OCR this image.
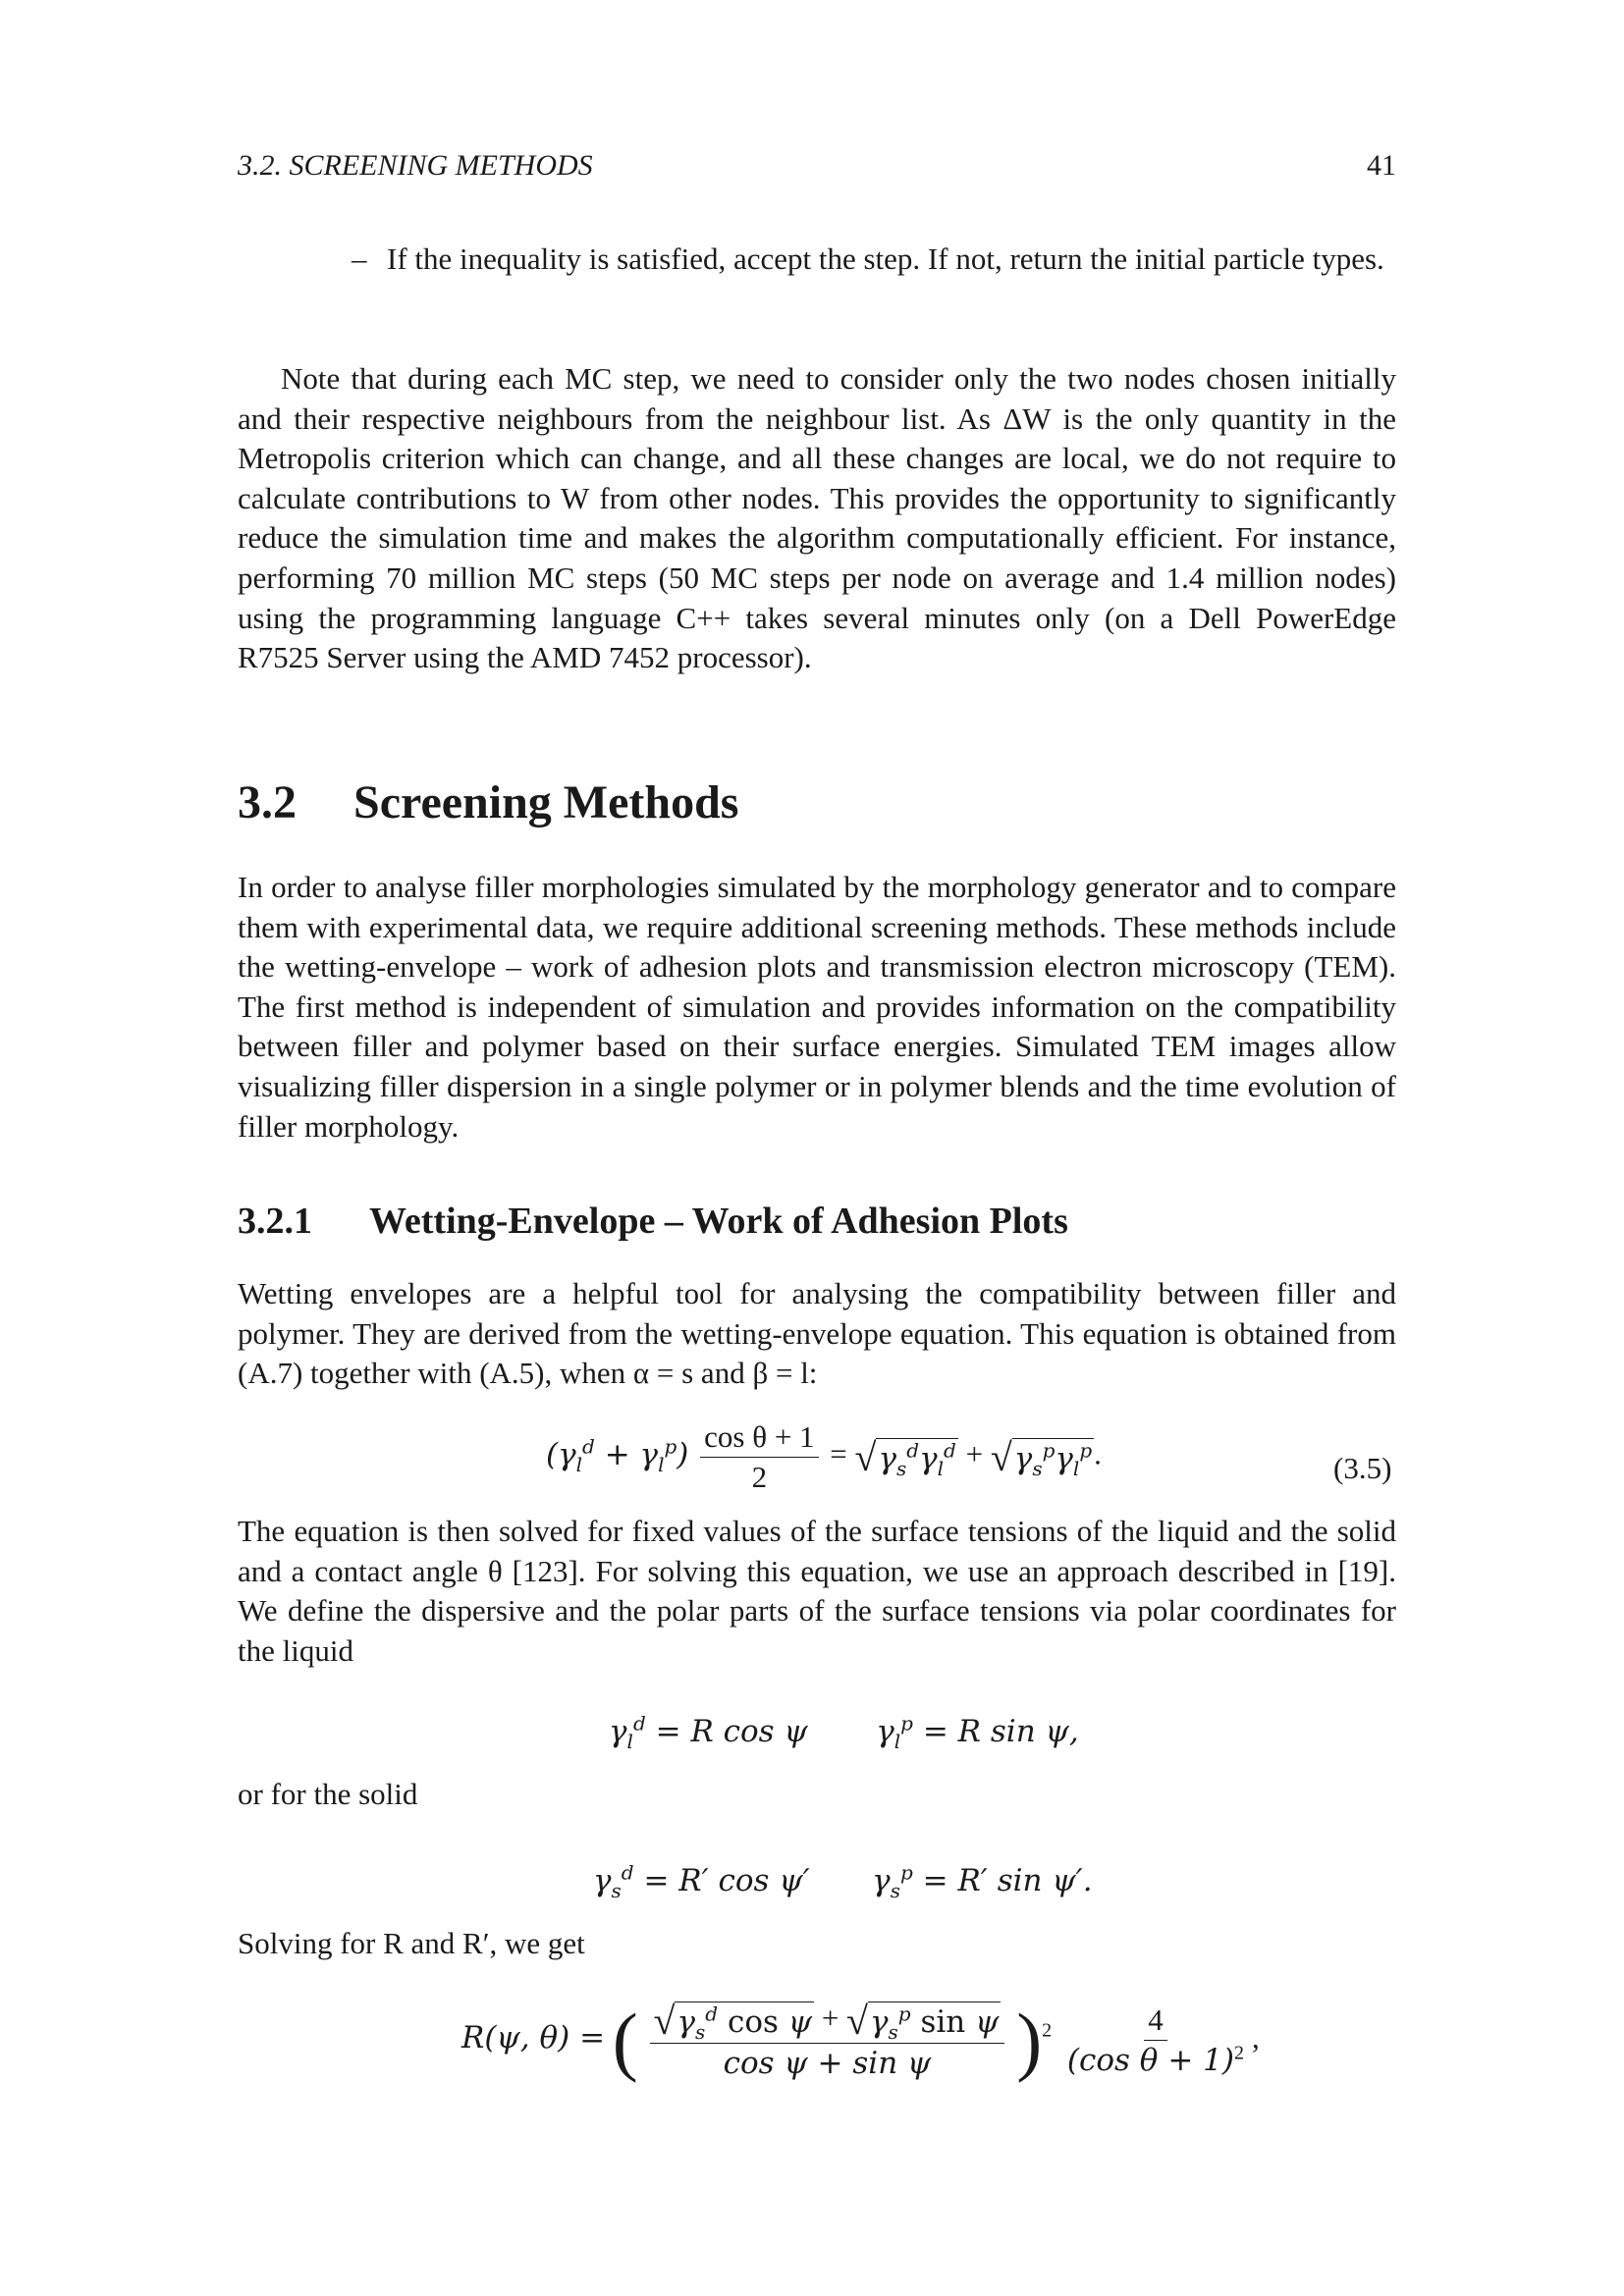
3.2. SCREENING METHODS	41
– If the inequality is satisfied, accept the step. If not, return the initial particle types.

Note that during each MC step, we need to consider only the two nodes chosen initially and their respective neighbours from the neighbour list. As ΔW is the only quantity in the Metropolis criterion which can change, and all these changes are local, we do not require to calculate contributions to W from other nodes. This provides the opportunity to significantly reduce the simulation time and makes the algorithm computationally efficient. For instance, performing 70 million MC steps (50 MC steps per node on average and 1.4 million nodes) using the programming language C++ takes several minutes only (on a Dell PowerEdge R7525 Server using the AMD 7452 processor).

3.2 Screening Methods

In order to analyse filler morphologies simulated by the morphology generator and to compare them with experimental data, we require additional screening methods. These methods include the wetting-envelope – work of adhesion plots and transmission electron microscopy (TEM). The first method is independent of simulation and provides information on the compatibility between filler and polymer based on their surface energies. Simulated TEM images allow visualizing filler dispersion in a single polymer or in polymer blends and the time evolution of filler morphology.

3.2.1 Wetting-Envelope – Work of Adhesion Plots

Wetting envelopes are a helpful tool for analysing the compatibility between filler and polymer. They are derived from the wetting-envelope equation. This equation is obtained from (A.7) together with (A.5), when α = s and β = l:

$(\gamma_l^d + \gamma_l^p) \frac{\text{cos θ + 1}}{2}$ = √ $\gamma_s^d\gamma_l^d$ + √ $\gamma_s^p\gamma_l^p$ .	(3.5)

The equation is then solved for fixed values of the surface tensions of the liquid and the solid and a contact angle θ [123]. For solving this equation, we use an approach described in [19]. We define the dispersive and the polar parts of the surface tensions via polar coordinates for the liquid

$\gamma_l^d = R$ cos ψ $\gamma_l^p = R$ sin ψ,

or for the solid

$\gamma_s^d = R'$ cos ψ′ $\gamma_s^p = R'$ sin ψ′.

Solving for R and R′, we get

R(ψ, θ) = ( $\frac{√ \gamma_s^d \cos \psi + √ \gamma_s^p \sin \psi}{\text{cos ψ + sin ψ}} )^2 \frac{4}{(\cos \theta + 1)^2}$ ,
